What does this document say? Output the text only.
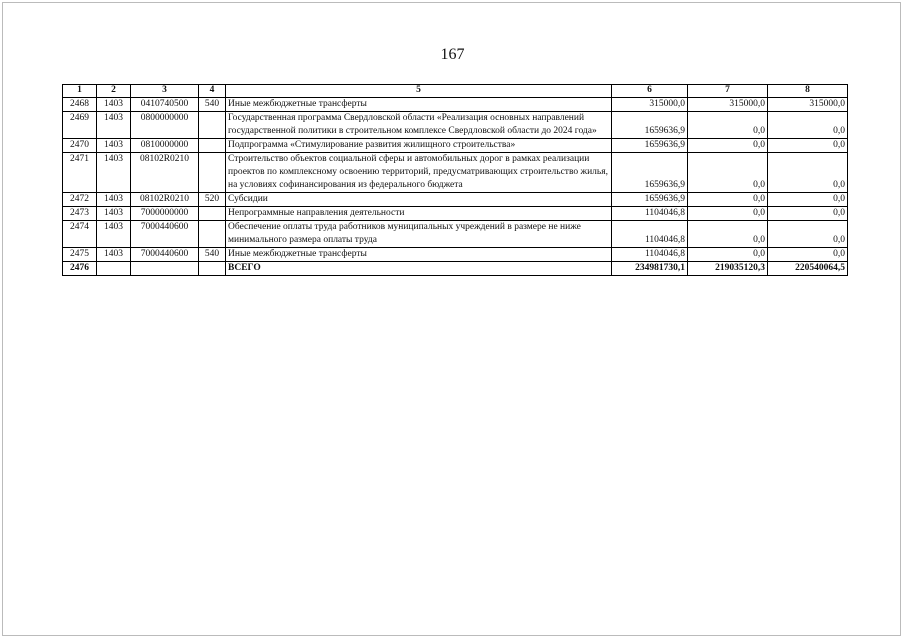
167
1	2	3	4	5	6	7	8
2468	1403	0410740500	540	Иные межбюджетные трансферты	315000,0	315000,0	315000,0
2469	1403	0800000000		Государственная программа Свердловской области «Реализация основных направлений государственной политики в строительном комплексе Свердловской области до 2024 года»	1659636,9	0,0	0,0
2470	1403	0810000000		Подпрограмма «Стимулирование развития жилищного строительства»	1659636,9	0,0	0,0
2471	1403	08102R0210		Строительство объектов социальной сферы и автомобильных дорог в рамках реализации проектов по комплексному освоению территорий, предусматривающих строительство жилья, на условиях софинансирования из федерального бюджета	1659636,9	0,0	0,0
2472	1403	08102R0210	520	Субсидии	1659636,9	0,0	0,0
2473	1403	7000000000		Непрограммные направления деятельности	1104046,8	0,0	0,0
2474	1403	7000440600		Обеспечение оплаты труда работников муниципальных учреждений в размере не ниже минимального размера оплаты труда	1104046,8	0,0	0,0
2475	1403	7000440600	540	Иные межбюджетные трансферты	1104046,8	0,0	0,0
2476				ВСЕГО	234981730,1	219035120,3	220540064,5
